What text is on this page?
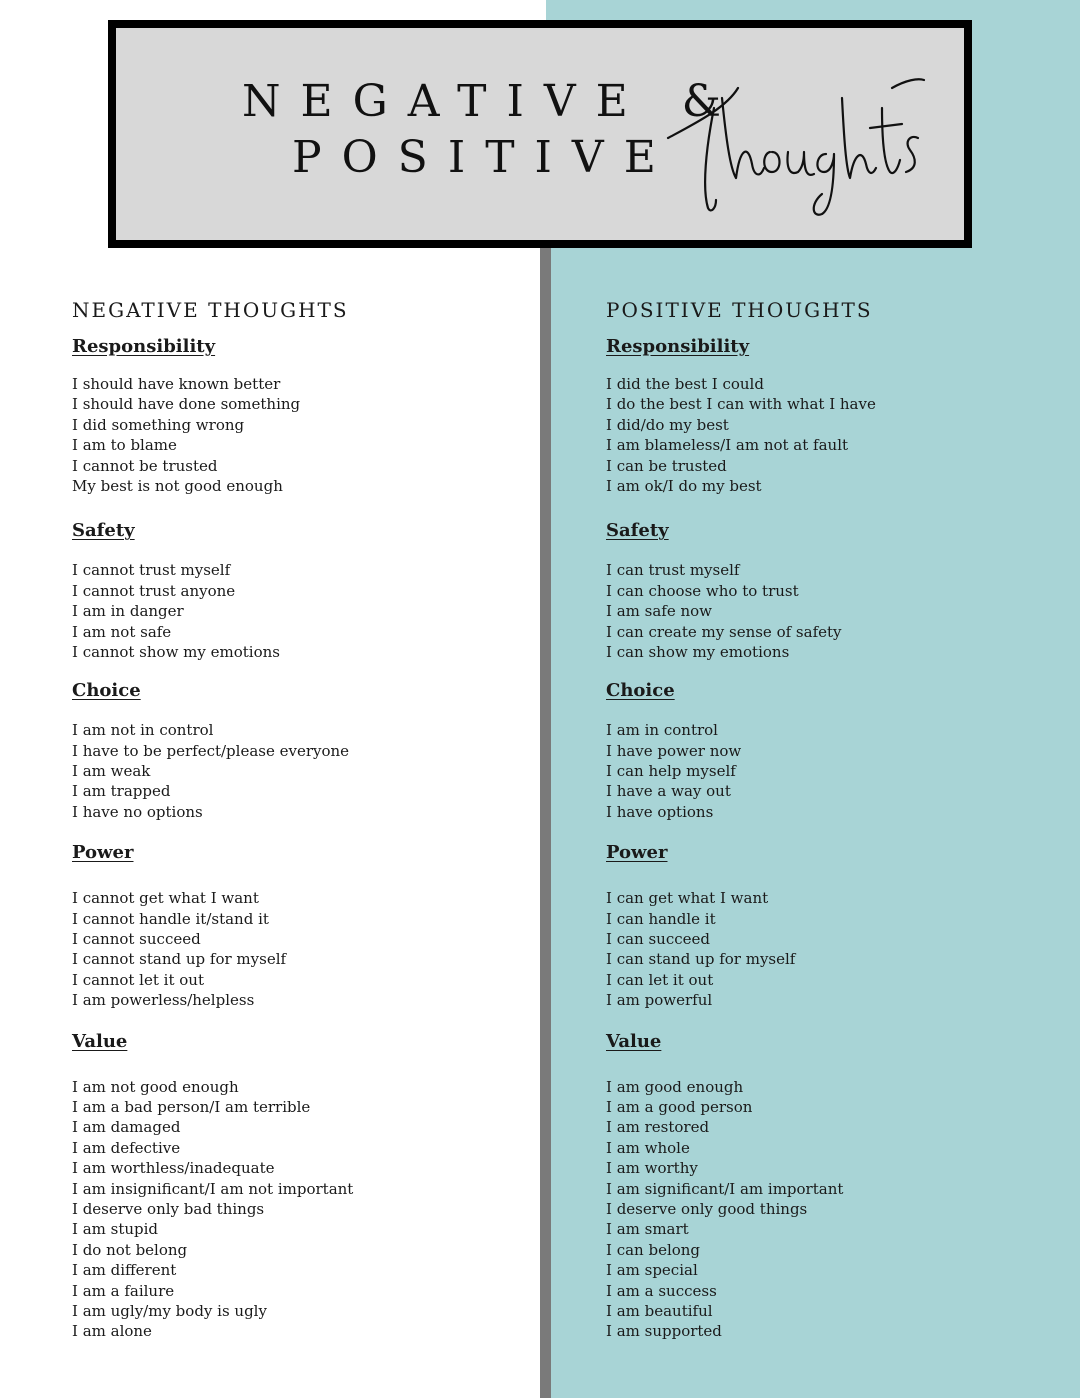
NEGATIVE &
POSITIVE
NEGATIVE THOUGHTS
Responsibility
I should have known better
I should have done something
I did something wrong
I am to blame
I cannot be trusted
My best is not good enough
Safety
I cannot trust myself
I cannot trust anyone
I am in danger
I am not safe
I cannot show my emotions
Choice
I am not in control
I have to be perfect/please everyone
I am weak
I am trapped
I have no options
Power
I cannot get what I want
I cannot handle it/stand it
I cannot succeed
I cannot stand up for myself
I cannot let it out
I am powerless/helpless
Value
I am not good enough
I am a bad person/I am terrible
I am damaged
I am defective
I am worthless/inadequate
I am insignificant/I am not important
I deserve only bad things
I am stupid
I do not belong
I am different
I am a failure
I am ugly/my body is ugly
I am alone
POSITIVE THOUGHTS
Responsibility
I did the best I could
I do the best I can with what I have
I did/do my best
I am blameless/I am not at fault
I can be trusted
I am ok/I do my best
Safety
I can trust myself
I can choose who to trust
I am safe now
I can create my sense of safety
I can show my emotions
Choice
I am in control
I have power now
I can help myself
I have a way out
I have options
Power
I can get what I want
I can handle it
I can succeed
I can stand up for myself
I can let it out
I am powerful
Value
I am good enough
I am a good person
I am restored
I am whole
I am worthy
I am significant/I am important
I deserve only good things
I am smart
I can belong
I am special
I am a success
I am beautiful
I am supported
